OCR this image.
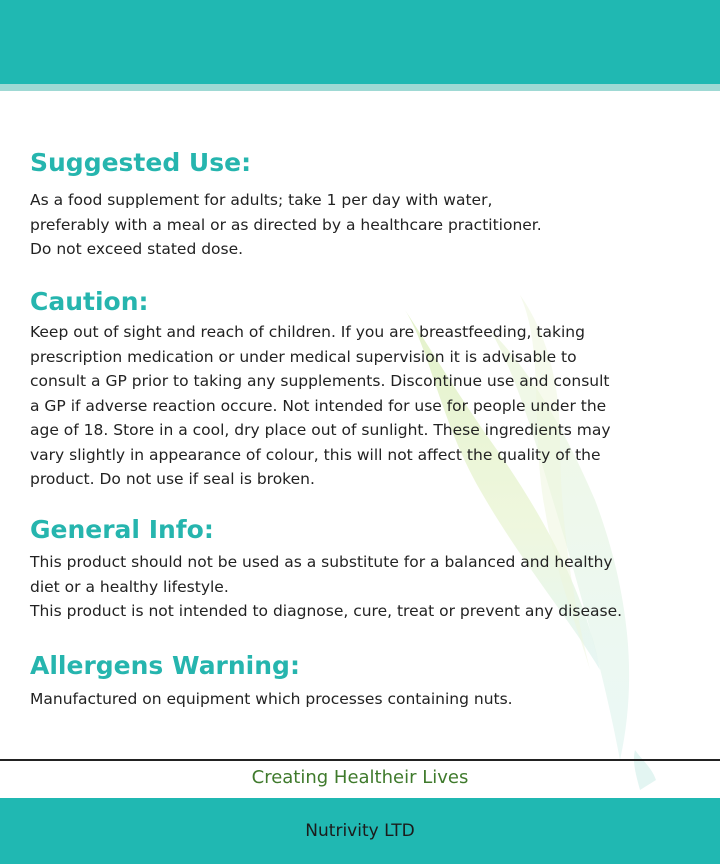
Suggested Use:

As a food supplement for adults; take 1 per day with water,
preferably with a meal or as directed by a healthcare practitioner.
Do not exceed stated dose.

Caution:

Keep out of sight and reach of children. If you are breastfeeding, taking
prescription medication or under medical supervision it is advisable to
consult a GP prior to taking any supplements. Discontinue use and consult
a GP if adverse reaction occure. Not intended for use for people under the
age of 18. Store in a cool, dry place out of sunlight. These ingredients may
vary slightly in appearance of colour, this will not affect the quality of the
product. Do not use if seal is broken.

General Info:

This product should not be used as a substitute for a balanced and healthy
diet or a healthy lifestyle.
This product is not intended to diagnose, cure, treat or prevent any disease.

Allergens Warning:

Manufactured on equipment which processes containing nuts.

Creating Healtheir Lives
Nutrivity LTD
